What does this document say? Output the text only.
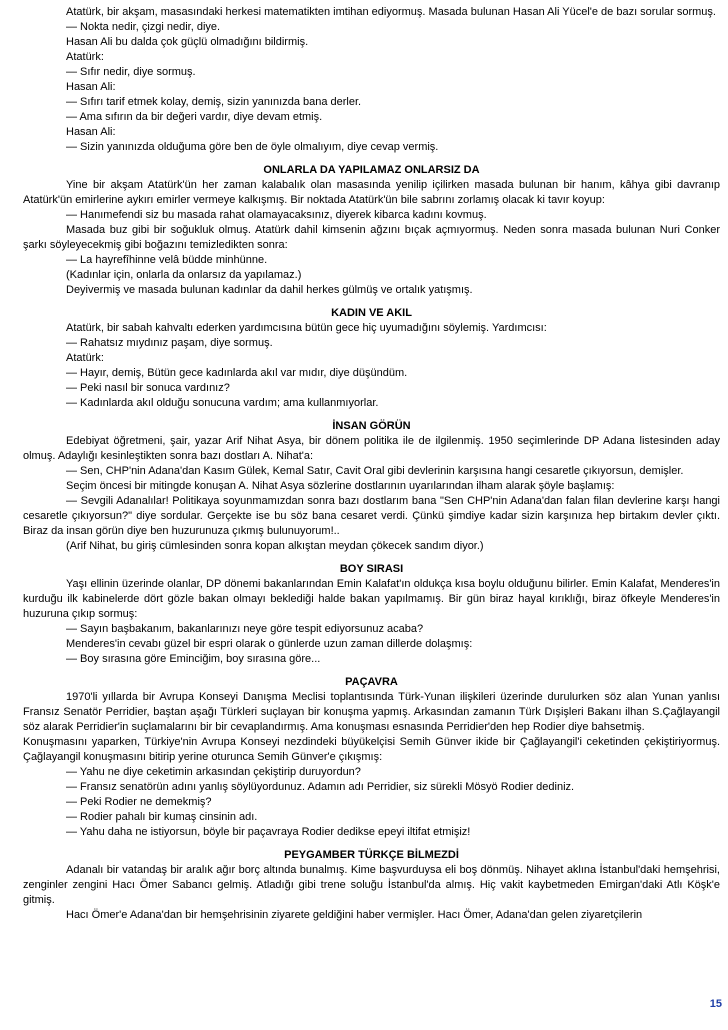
Atatürk, bir akşam, masasındaki herkesi matematikten imtihan ediyormuş. Masada bulunan Hasan Ali Yücel'e de bazı sorular sormuş.

— Nokta nedir, çizgi nedir, diye.

Hasan Ali bu dalda çok güçlü olmadığını bildirmiş.

Atatürk:

— Sıfır nedir, diye sormuş.

Hasan Ali:

— Sıfırı tarif etmek kolay, demiş, sizin yanınızda bana derler.

— Ama sıfırın da bir değeri vardır, diye devam etmiş.

Hasan Ali:

— Sizin yanınızda olduğuma göre ben de öyle olmalıyım, diye cevap vermiş.

ONLARLA DA YAPILAMAZ ONLARSIZ DA

Yine bir akşam Atatürk'ün her zaman kalabalık olan masasında yenilip içilirken masada bulunan bir hanım, kâhya gibi davranıp Atatürk'ün emirlerine aykırı emirler vermeye kalkışmış. Bir noktada Atatürk'ün bile sabrını zorlamış olacak ki tavır koyup:

— Hanımefendi siz bu masada rahat olamayacaksınız, diyerek kibarca kadını kovmuş.

Masada buz gibi bir soğukluk olmuş. Atatürk dahil kimsenin ağzını bıçak açmıyormuş. Neden sonra masada bulunan Nuri Conker şarkı söyleyecekmiş gibi boğazını temizledikten sonra:

— La hayrefîhinne velâ büdde minhünne.

(Kadınlar için, onlarla da onlarsız da yapılamaz.)

Deyivermiş ve masada bulunan kadınlar da dahil herkes gülmüş ve ortalık yatışmış.

KADIN VE AKIL

Atatürk, bir sabah kahvaltı ederken yardımcısına bütün gece hiç uyumadığını söylemiş. Yardımcısı:

— Rahatsız mıydınız paşam, diye sormuş.

Atatürk:

— Hayır, demiş, Bütün gece kadınlarda akıl var mıdır, diye düşündüm.

— Peki nasıl bir sonuca vardınız?

— Kadınlarda akıl olduğu sonucuna vardım; ama kullanmıyorlar.

İNSAN GÖRÜN

Edebiyat öğretmeni, şair, yazar Arif Nihat Asya, bir dönem politika ile de ilgilenmiş. 1950 seçimlerinde DP Adana listesinden aday olmuş. Adaylığı kesinleştikten sonra bazı dostları A. Nihat'a:

— Sen, CHP'nin Adana'dan Kasım Gülek, Kemal Satır, Cavit Oral gibi devlerinin karşısına hangi cesaretle çıkıyorsun, demişler.

Seçim öncesi bir mitingde konuşan A. Nihat Asya sözlerine dostlarının uyarılarından ilham alarak şöyle başlamış:

— Sevgili Adanalılar! Politikaya soyunmamızdan sonra bazı dostlarım bana "Sen CHP'nin Adana'dan falan filan devlerine karşı hangi cesaretle çıkıyorsun?" diye sordular. Gerçekte ise bu söz bana cesaret verdi. Çünkü şimdiye kadar sizin karşınıza hep birtakım devler çıktı. Biraz da insan görün diye ben huzurunuza çıkmış bulunuyorum!..

(Arif Nihat, bu giriş cümlesinden sonra kopan alkıştan meydan çökecek sandım diyor.)

BOY SIRASI

Yaşı ellinin üzerinde olanlar, DP dönemi bakanlarından Emin Kalafat'ın oldukça kısa boylu olduğunu bilirler. Emin Kalafat, Menderes'in kurduğu ilk kabinelerde dört gözle bakan olmayı beklediği halde bakan yapılmamış. Bir gün biraz hayal kırıklığı, biraz öfkeyle Menderes'in huzuruna çıkıp sormuş:

— Sayın başbakanım, bakanlarınızı neye göre tespit ediyorsunuz acaba?

Menderes'in cevabı güzel bir espri olarak o günlerde uzun zaman dillerde dolaşmış:

— Boy sırasına göre Eminciğim, boy sırasına göre...

PAÇAVRA

1970'li yıllarda bir Avrupa Konseyi Danışma Meclisi toplantısında Türk-Yunan ilişkileri üzerinde durulurken söz alan Yunan yanlısı Fransız Senatör Perridier, baştan aşağı Türkleri suçlayan bir konuşma yapmış. Arkasından zamanın Türk Dışişleri Bakanı ilhan S.Çağlayangil söz alarak Perridier'in suçlamalarını bir bir cevaplandırmış. Ama konuşması esnasında Perridier'den hep Rodier diye bahsetmiş.

Konuşmasını yaparken, Türkiye'nin Avrupa Konseyi nezdindeki büyükelçisi Semih Günver ikide bir Çağlayangil'i ceketinden çekiştiriyormuş. Çağlayangil konuşmasını bitirip yerine oturunca Semih Günver'e çıkışmış:

— Yahu ne diye ceketimin arkasından çekiştirip duruyordun?

— Fransız senatörün adını yanlış söylüyordunuz. Adamın adı Perridier, siz sürekli Mösyö Rodier dediniz.

— Peki Rodier ne demekmiş?

— Rodier pahalı bir kumaş cinsinin adı.

— Yahu daha ne istiyorsun, böyle bir paçavraya Rodier dedikse epeyi iltifat etmişiz!

PEYGAMBER TÜRKÇE BİLMEZDİ

Adanalı bir vatandaş bir aralık ağır borç altında bunalmış. Kime başvurduysa eli boş dönmüş. Nihayet aklına İstanbul'daki hemşehrisi, zenginler zengini Hacı Ömer Sabancı gelmiş. Atladığı gibi trene soluğu İstanbul'da almış. Hiç vakit kaybetmeden Emirgan'daki Atlı Köşk'e gitmiş.

Hacı Ömer'e Adana'dan bir hemşehrisinin ziyarete geldiğini haber vermişler. Hacı Ömer, Adana'dan gelen ziyaretçilerin

15
